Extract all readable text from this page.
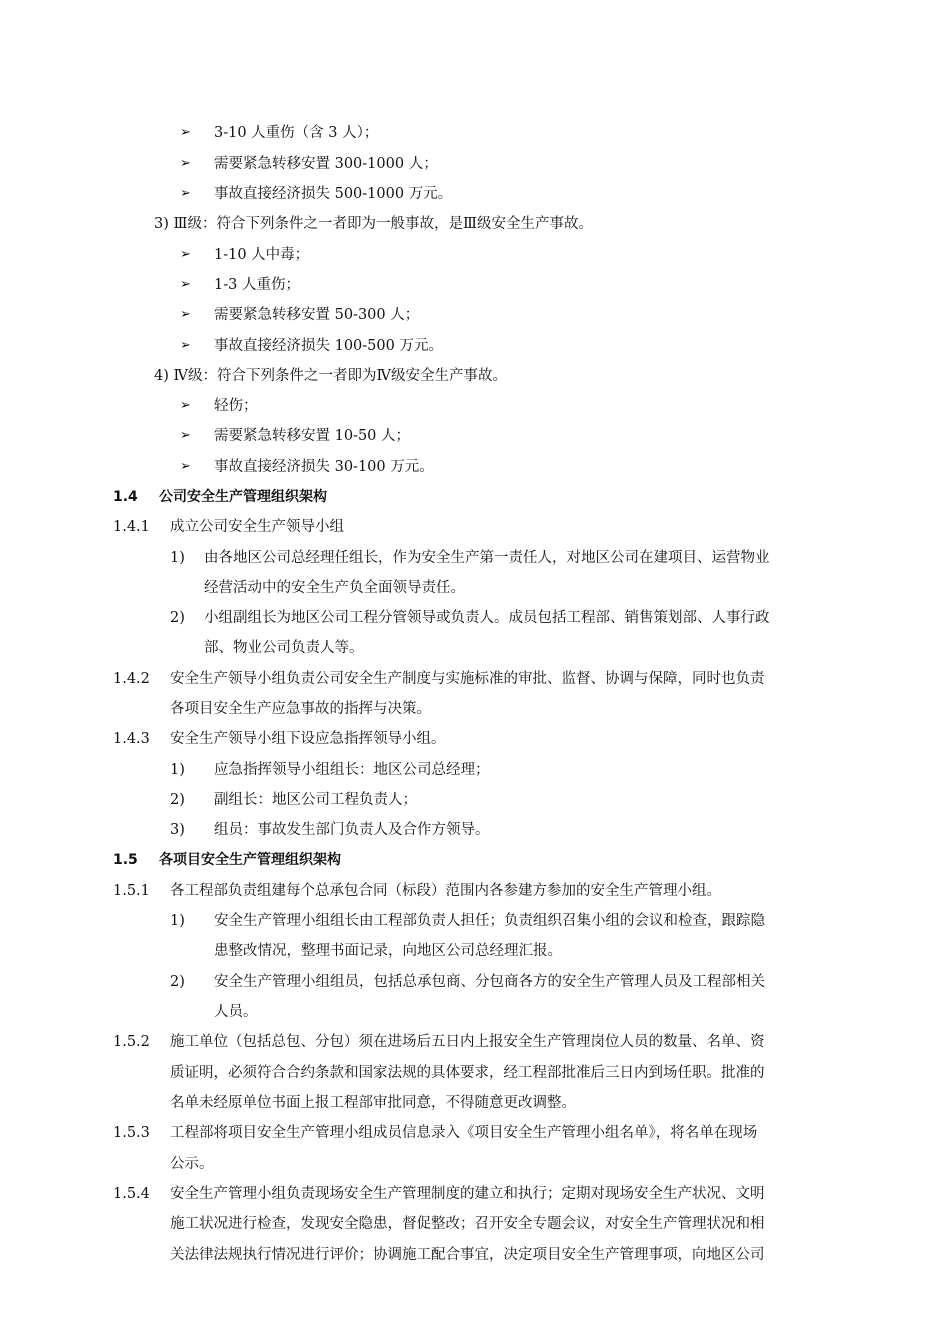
➢ 3-10 人重伤（含 3 人）；
➢ 需要紧急转移安置 300-1000 人；
➢ 事故直接经济损失 500-1000 万元。
3) Ⅲ级：符合下列条件之一者即为一般事故，是Ⅲ级安全生产事故。
➢ 1-10 人中毒；
➢ 1-3 人重伤；
➢ 需要紧急转移安置 50-300 人；
➢ 事故直接经济损失 100-500 万元。
4) Ⅳ级：符合下列条件之一者即为Ⅳ级安全生产事故。
➢ 轻伤；
➢ 需要紧急转移安置 10-50 人；
➢ 事故直接经济损失 30-100 万元。
1.4 公司安全生产管理组织架构
1.4.1 成立公司安全生产领导小组
1) 由各地区公司总经理任组长，作为安全生产第一责任人，对地区公司在建项目、运营物业
经营活动中的安全生产负全面领导责任。
2) 小组副组长为地区公司工程分管领导或负责人。成员包括工程部、销售策划部、人事行政
部、物业公司负责人等。
1.4.2 安全生产领导小组负责公司安全生产制度与实施标准的审批、监督、协调与保障，同时也负责
各项目安全生产应急事故的指挥与决策。
1.4.3 安全生产领导小组下设应急指挥领导小组。
1) 应急指挥领导小组组长：地区公司总经理；
2) 副组长：地区公司工程负责人；
3) 组员：事故发生部门负责人及合作方领导。
1.5 各项目安全生产管理组织架构
1.5.1 各工程部负责组建每个总承包合同（标段）范围内各参建方参加的安全生产管理小组。
1) 安全生产管理小组组长由工程部负责人担任；负责组织召集小组的会议和检查，跟踪隐
患整改情况，整理书面记录，向地区公司总经理汇报。
2) 安全生产管理小组组员，包括总承包商、分包商各方的安全生产管理人员及工程部相关
人员。
1.5.2 施工单位（包括总包、分包）须在进场后五日内上报安全生产管理岗位人员的数量、名单、资
质证明，必须符合合约条款和国家法规的具体要求，经工程部批准后三日内到场任职。批准的
名单未经原单位书面上报工程部审批同意，不得随意更改调整。
1.5.3 工程部将项目安全生产管理小组成员信息录入《项目安全生产管理小组名单》，将名单在现场
公示。
1.5.4 安全生产管理小组负责现场安全生产管理制度的建立和执行；定期对现场安全生产状况、文明
施工状况进行检查，发现安全隐患，督促整改；召开安全专题会议，对安全生产管理状况和相
关法律法规执行情况进行评价；协调施工配合事宜，决定项目安全生产管理事项，向地区公司
